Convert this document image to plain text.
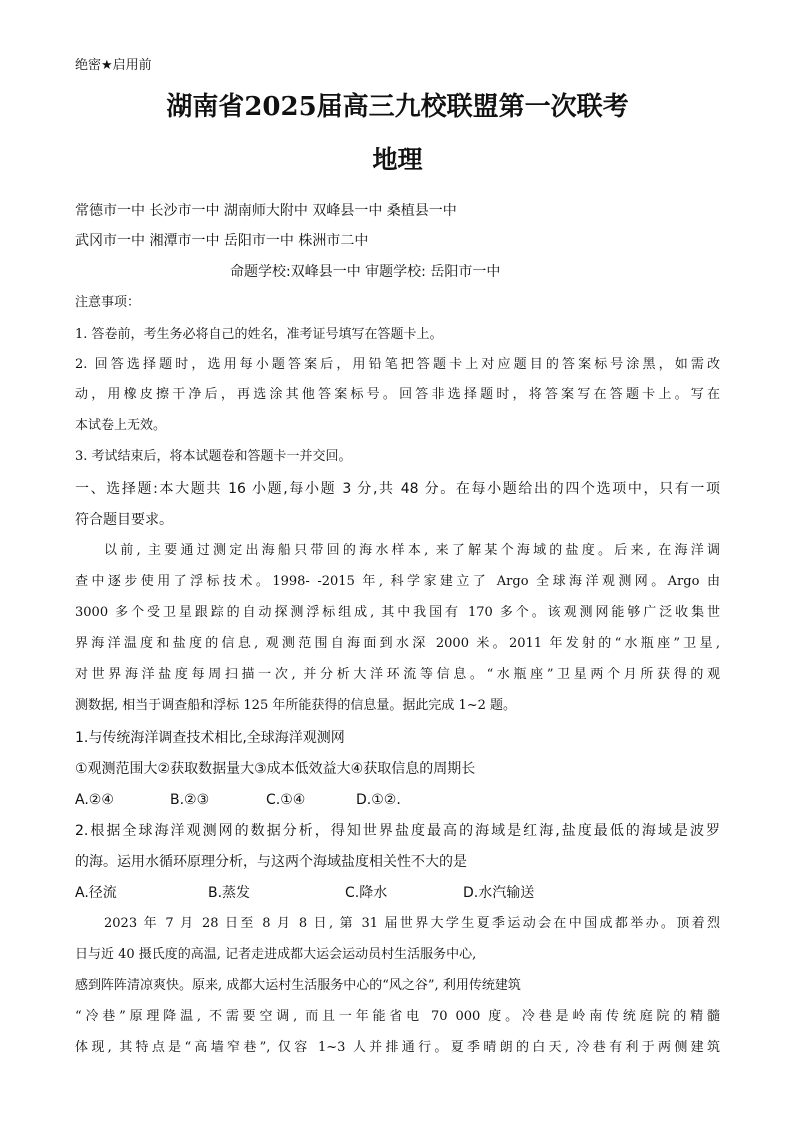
绝密★启用前
湖南省2025届高三九校联盟第一次联考
地理
常德市一中 长沙市一中 湖南师大附中 双峰县一中 桑植县一中
武冈市一中 湘潭市一中 岳阳市一中 株洲市二中
命题学校:双峰县一中 审题学校: 岳阳市一中
注意事项：
1. 答卷前，考生务必将自己的姓名，准考证号填写在答题卡上。
2. 回答选择题时，选用每小题答案后，用铅笔把答题卡上对应题目的答案标号涂黑，如需改
动，用橡皮擦干净后，再选涂其他答案标号。回答非选择题时，将答案写在答题卡上。写在
本试卷上无效。
3. 考试结束后，将本试题卷和答题卡一并交回。
一、选择题:本大题共 16 小题,每小题 3 分,共 48 分。在每小题给出的四个选项中，只有一项
符合题目要求。
以前, 主要通过测定出海船只带回的海水样本, 来了解某个海域的盐度。后来, 在海洋调
查中逐步使用了浮标技术。1998- -2015 年, 科学家建立了 Argo 全球海洋观测网。Argo 由
3000 多个受卫星跟踪的自动探测浮标组成, 其中我国有 170 多个。该观测网能够广泛收集世
界海洋温度和盐度的信息, 观测范围自海面到水深 2000 米。2011 年发射的“水瓶座”卫星,
对世界海洋盐度每周扫描一次, 并分析大洋环流等信息。“水瓶座”卫星两个月所获得的观
测数据, 相当于调查船和浮标 125 年所能获得的信息量。据此完成 1~2 题。
1.与传统海洋调查技术相比,全球海洋观测网
①观测范围大②获取数据量大③成本低效益大④获取信息的周期长
A.②④	B.②③	C.①④	D.①②.
2.根据全球海洋观测网的数据分析，得知世界盐度最高的海域是红海,盐度最低的海域是波罗
的海。运用水循环原理分析，与这两个海域盐度相关性不大的是
A.径流	B.蒸发	C.降水	D.水汽输送
2023 年 7 月 28 日至 8 月 8 日, 第 31 届世界大学生夏季运动会在中国成都举办。顶着烈
日与近 40 摄氏度的高温, 记者走进成都大运会运动员村生活服务中心,
感到阵阵清凉爽快。原来, 成都大运村生活服务中心的“风之谷”, 利用传统建筑
“冷巷”原理降温, 不需要空调, 而且一年能省电 70 000 度。冷巷是岭南传统庭院的精髓
体现, 其特点是“高墙窄巷”, 仅容 1~3 人并排通行。夏季晴朗的白天, 冷巷有利于两侧建筑
